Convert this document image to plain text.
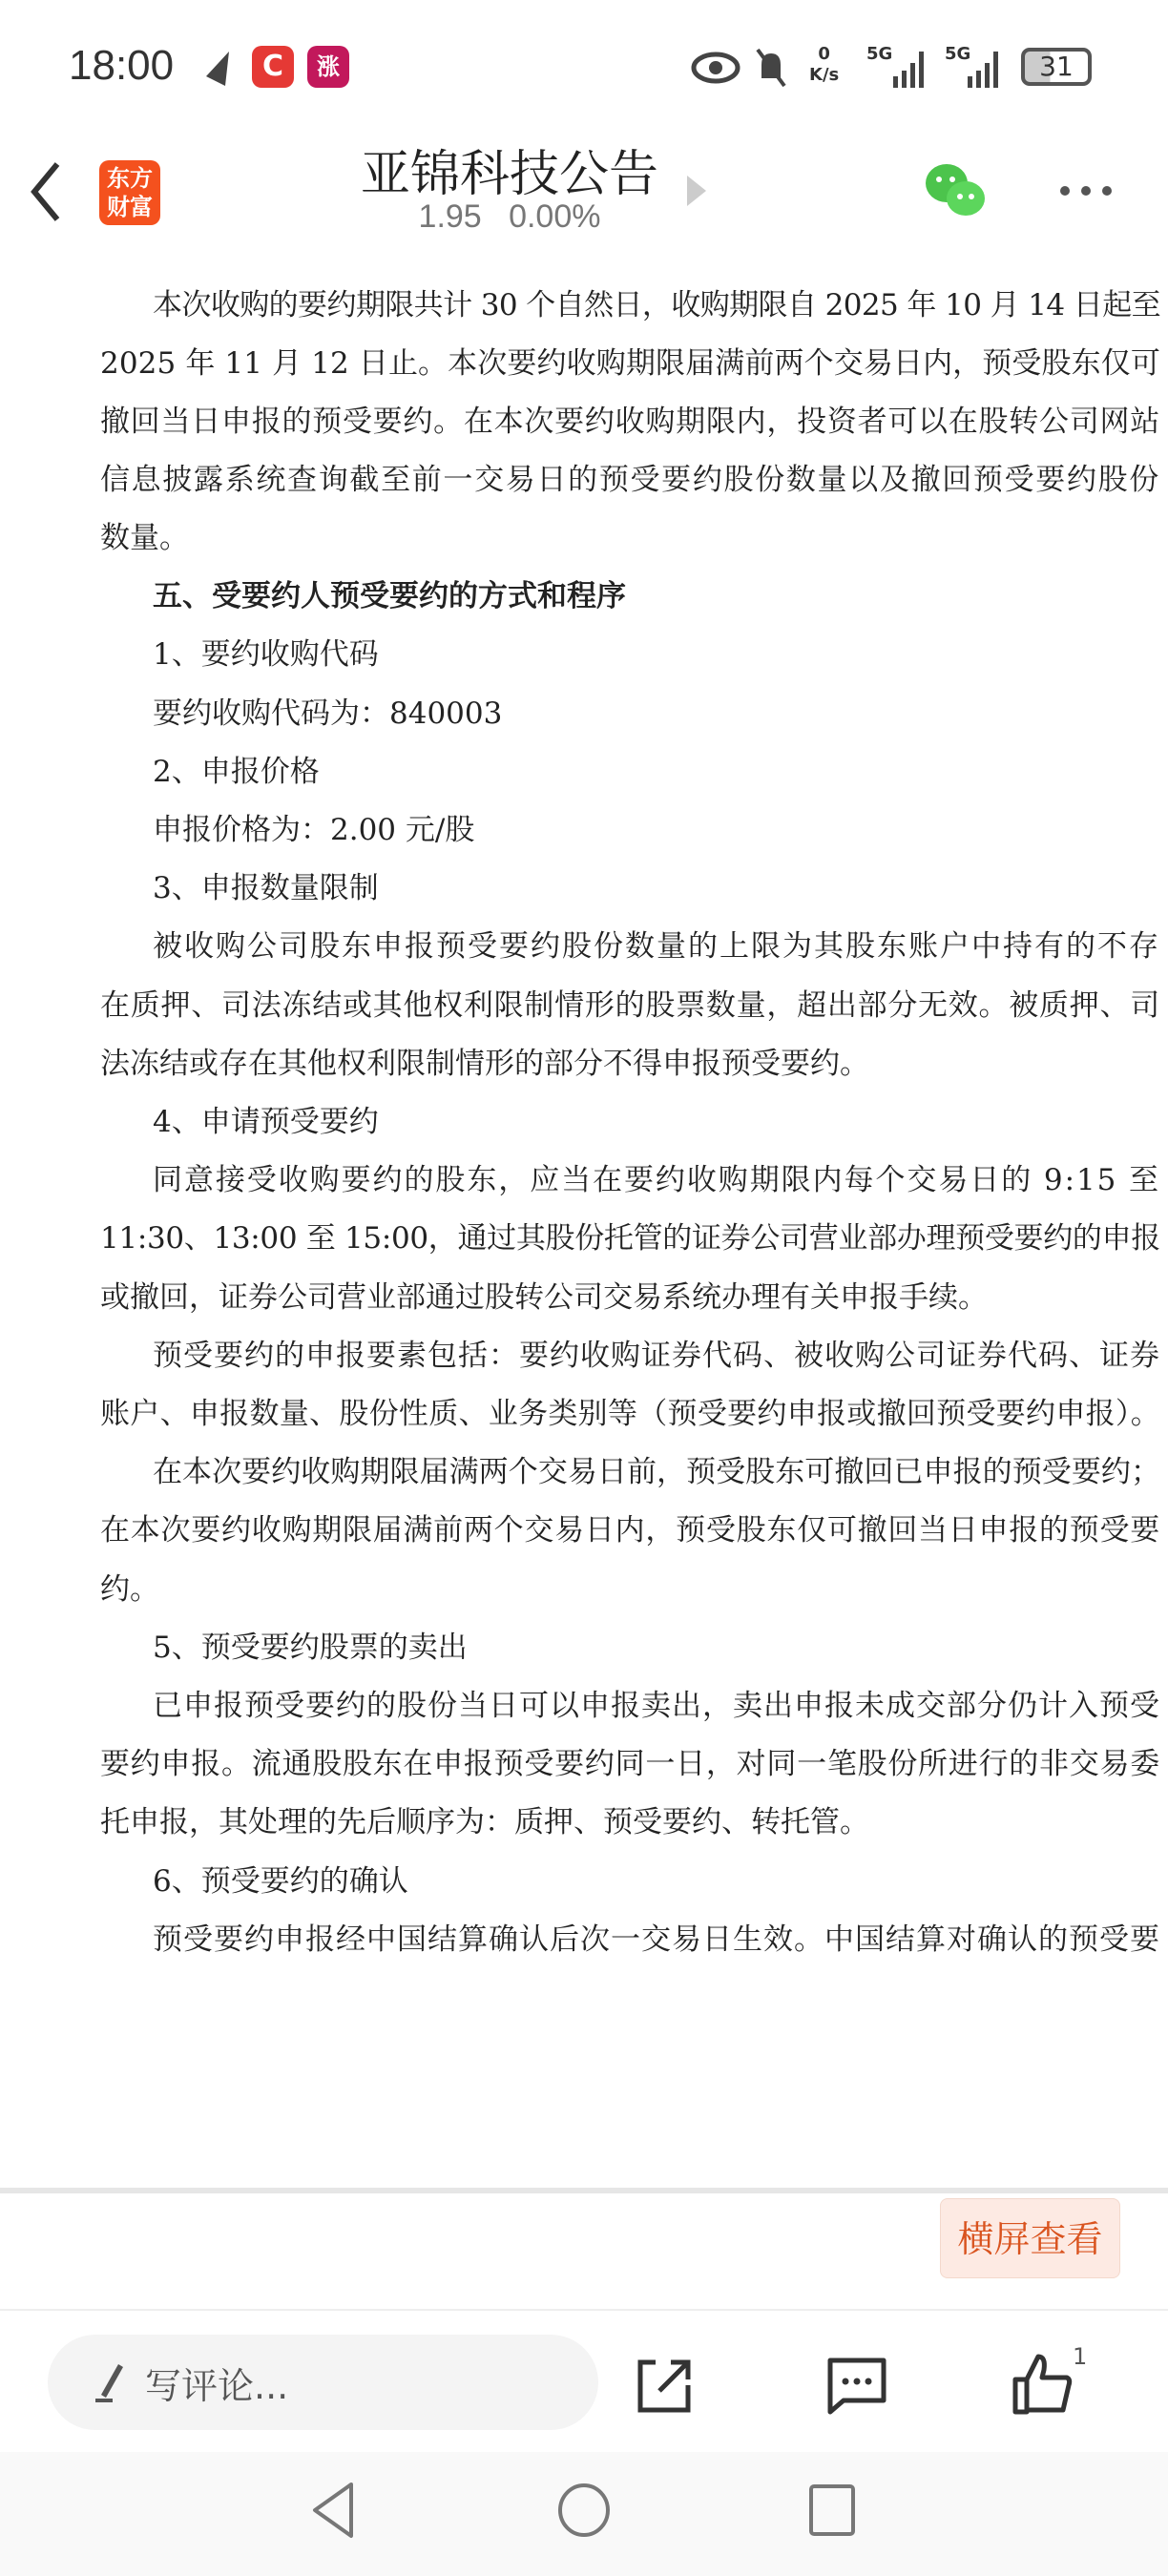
18:00	C	涨	0
K/s
5G	5G	31
东方
财富
亚锦科技公告
1.95 0.00%
本次收购的要约期限共计 30 个自然日，收购期限自 2025 年 10 月 14 日起至
2025 年 11 月 12 日止。本次要约收购期限届满前两个交易日内，预受股东仅可
撤回当日申报的预受要约。在本次要约收购期限内，投资者可以在股转公司网站
信息披露系统查询截至前一交易日的预受要约股份数量以及撤回预受要约股份
数量。
五、受要约人预受要约的方式和程序
1、要约收购代码
要约收购代码为：840003
2、申报价格
申报价格为：2.00 元/股
3、申报数量限制
被收购公司股东申报预受要约股份数量的上限为其股东账户中持有的不存
在质押、司法冻结或其他权利限制情形的股票数量，超出部分无效。被质押、司
法冻结或存在其他权利限制情形的部分不得申报预受要约。
4、申请预受要约
同意接受收购要约的股东，应当在要约收购期限内每个交易日的 9:15 至
11:30、13:00 至 15:00，通过其股份托管的证券公司营业部办理预受要约的申报
或撤回，证券公司营业部通过股转公司交易系统办理有关申报手续。
预受要约的申报要素包括：要约收购证券代码、被收购公司证券代码、证券
账户、申报数量、股份性质、业务类别等（预受要约申报或撤回预受要约申报）。
在本次要约收购期限届满两个交易日前，预受股东可撤回已申报的预受要约；
在本次要约收购期限届满前两个交易日内，预受股东仅可撤回当日申报的预受要
约。
5、预受要约股票的卖出
已申报预受要约的股份当日可以申报卖出，卖出申报未成交部分仍计入预受
要约申报。流通股股东在申报预受要约同一日，对同一笔股份所进行的非交易委
托申报，其处理的先后顺序为：质押、预受要约、转托管。
6、预受要约的确认
预受要约申报经中国结算确认后次一交易日生效。中国结算对确认的预受要
横屏查看
写评论...
1
